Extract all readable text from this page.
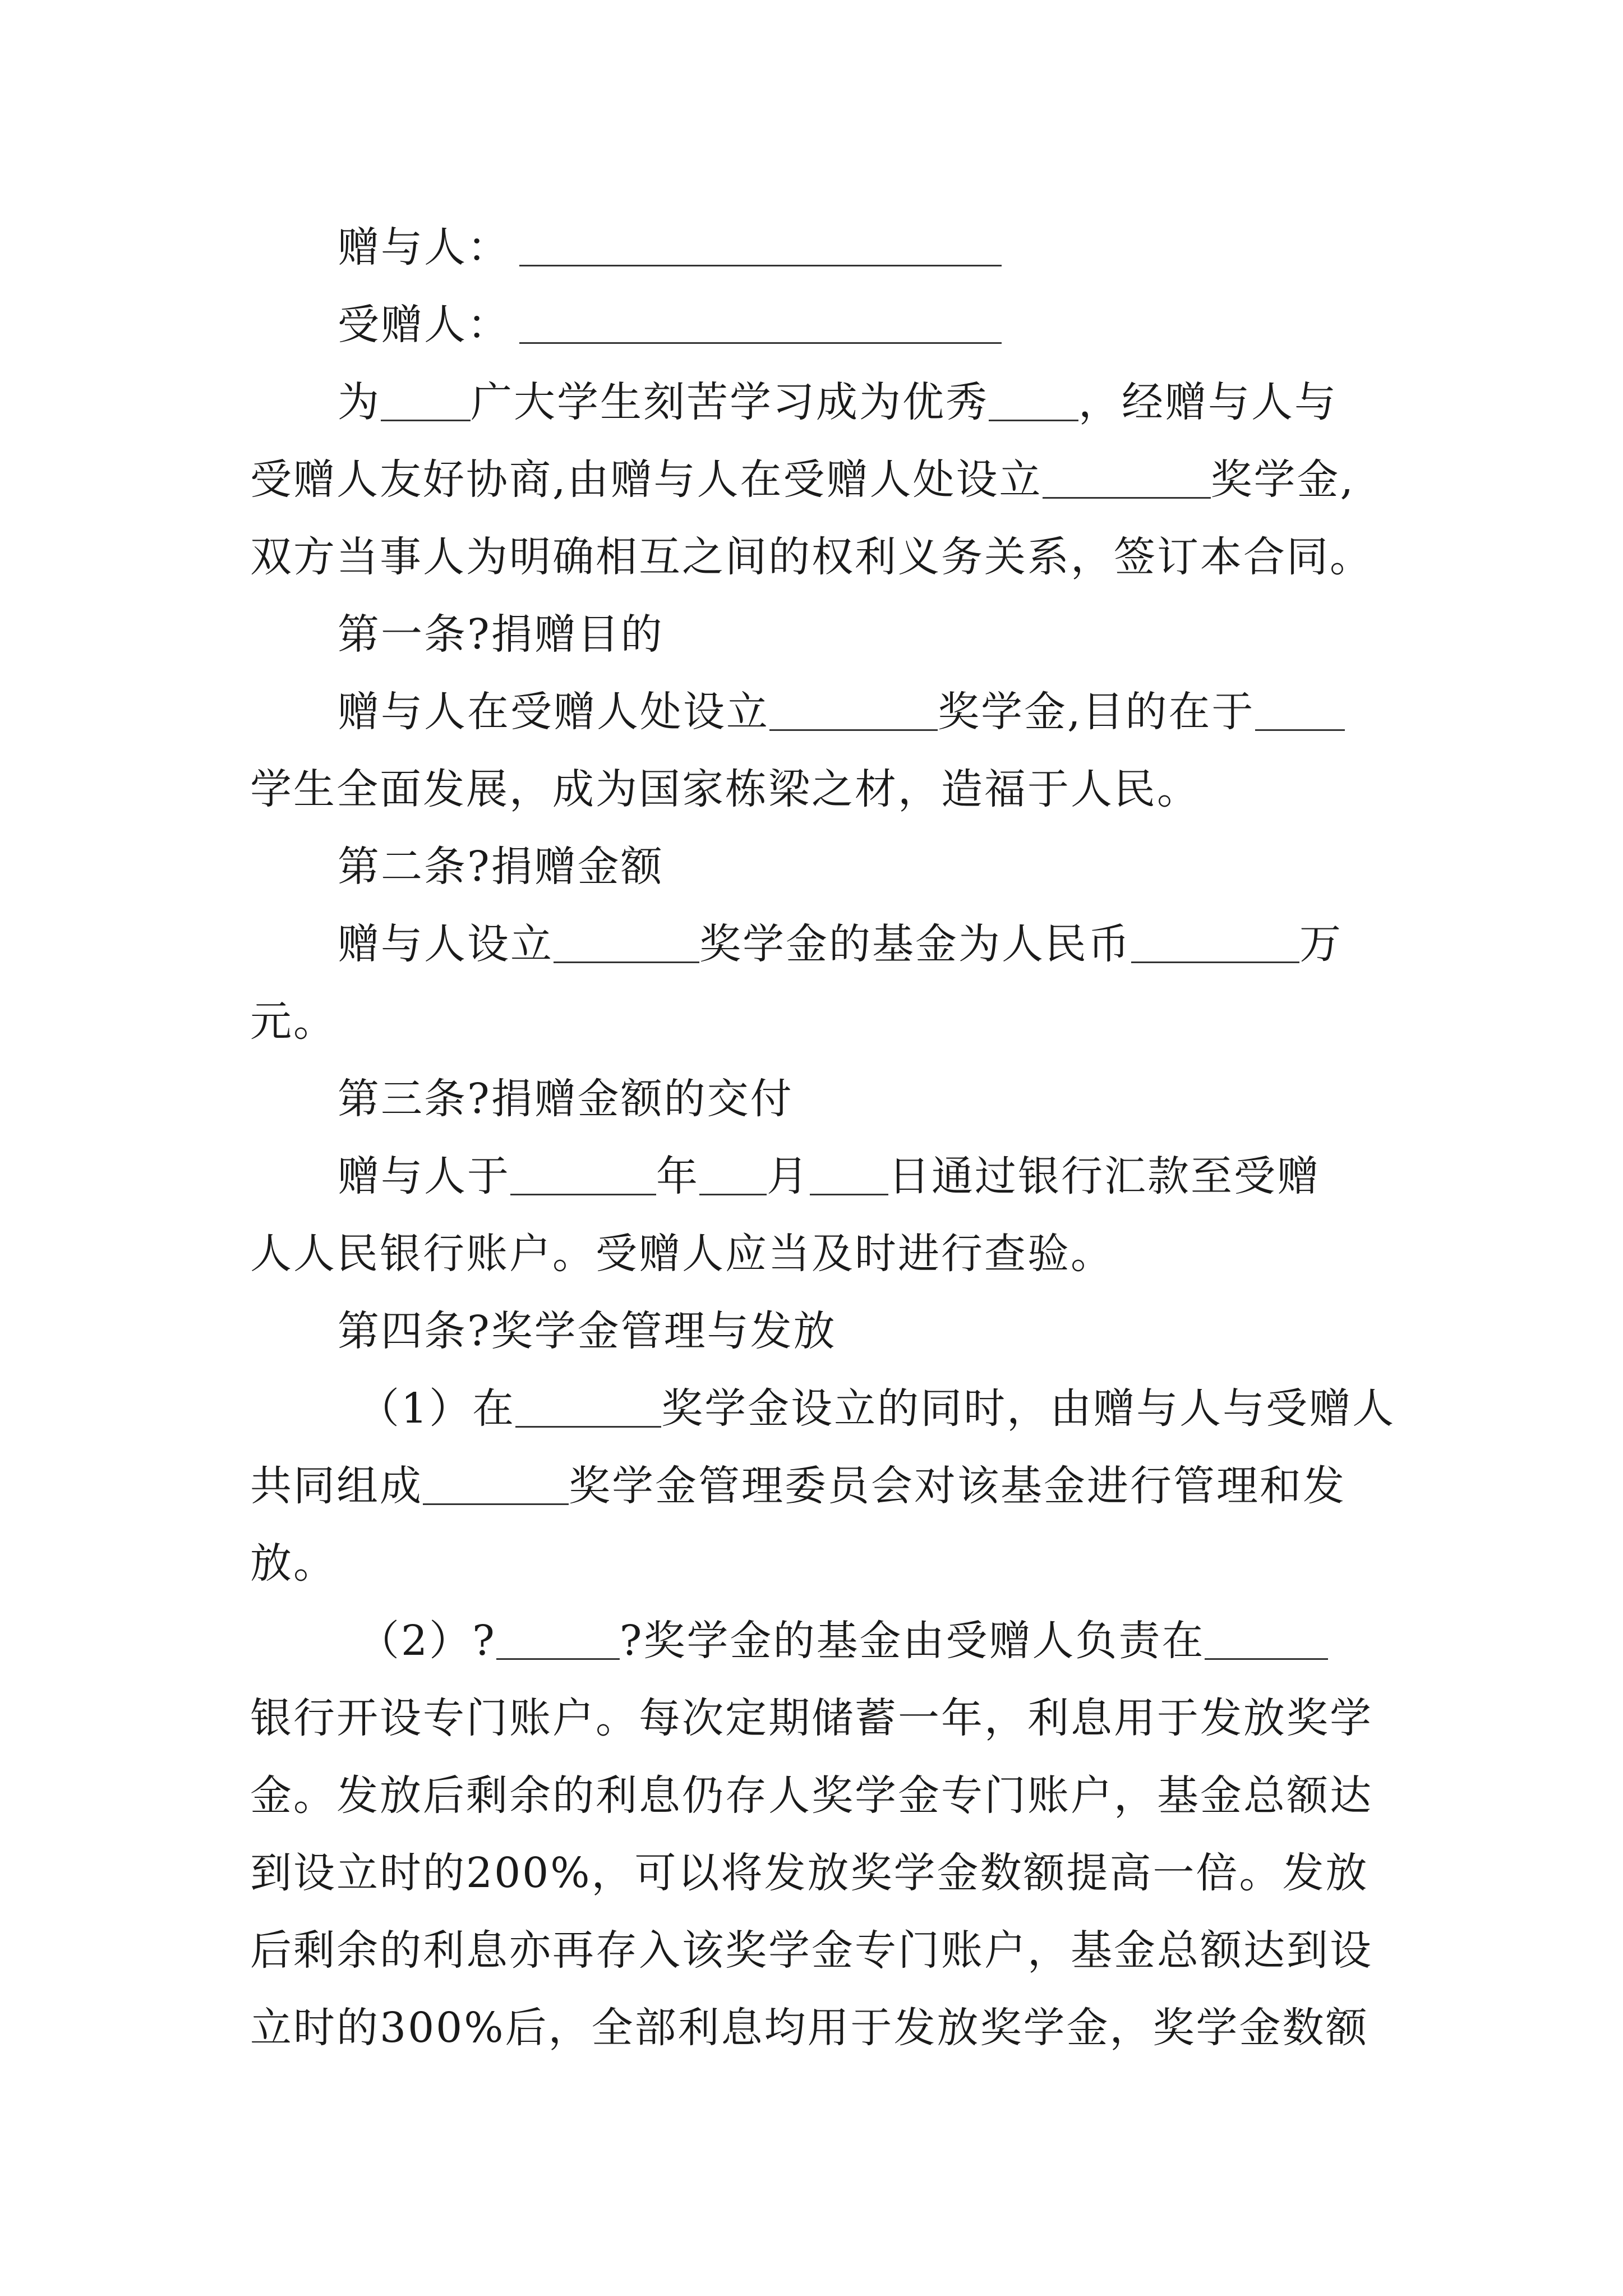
赠与人：

受赠人：

为 广大学生刻苦学习成为优秀 ，经赠与人与

受赠人友好协商,由赠与人在受赠人处设立	奖学金,

双方当事人为明确相互之间的权利义务关系，签订本合同。

第一条?捐赠目的

赠与人在受赠人处设立	奖学金,目的在于

学生全面发展，成为国家栋梁之材，造福于人民。

第二条?捐赠金额

赠与人设立	奖学金的基金为人民币	万

元。

第三条?捐赠金额的交付

赠与人于	年 月 日通过银行汇款至受赠

人人民银行账户。受赠人应当及时进行查验。

第四条?奖学金管理与发放

（1）在	奖学金设立的同时，由赠与人与受赠人

共同组成	奖学金管理委员会对该基金进行管理和发

放。

（2）?	?奖学金的基金由受赠人负责在

银行开设专门账户。每次定期储蓄一年，利息用于发放奖学

金。发放后剩余的利息仍存人奖学金专门账户，基金总额达

到设立时的200%，可以将发放奖学金数额提高一倍。发放

后剩余的利息亦再存入该奖学金专门账户，基金总额达到设

立时的300%后，全部利息均用于发放奖学金，奖学金数额
